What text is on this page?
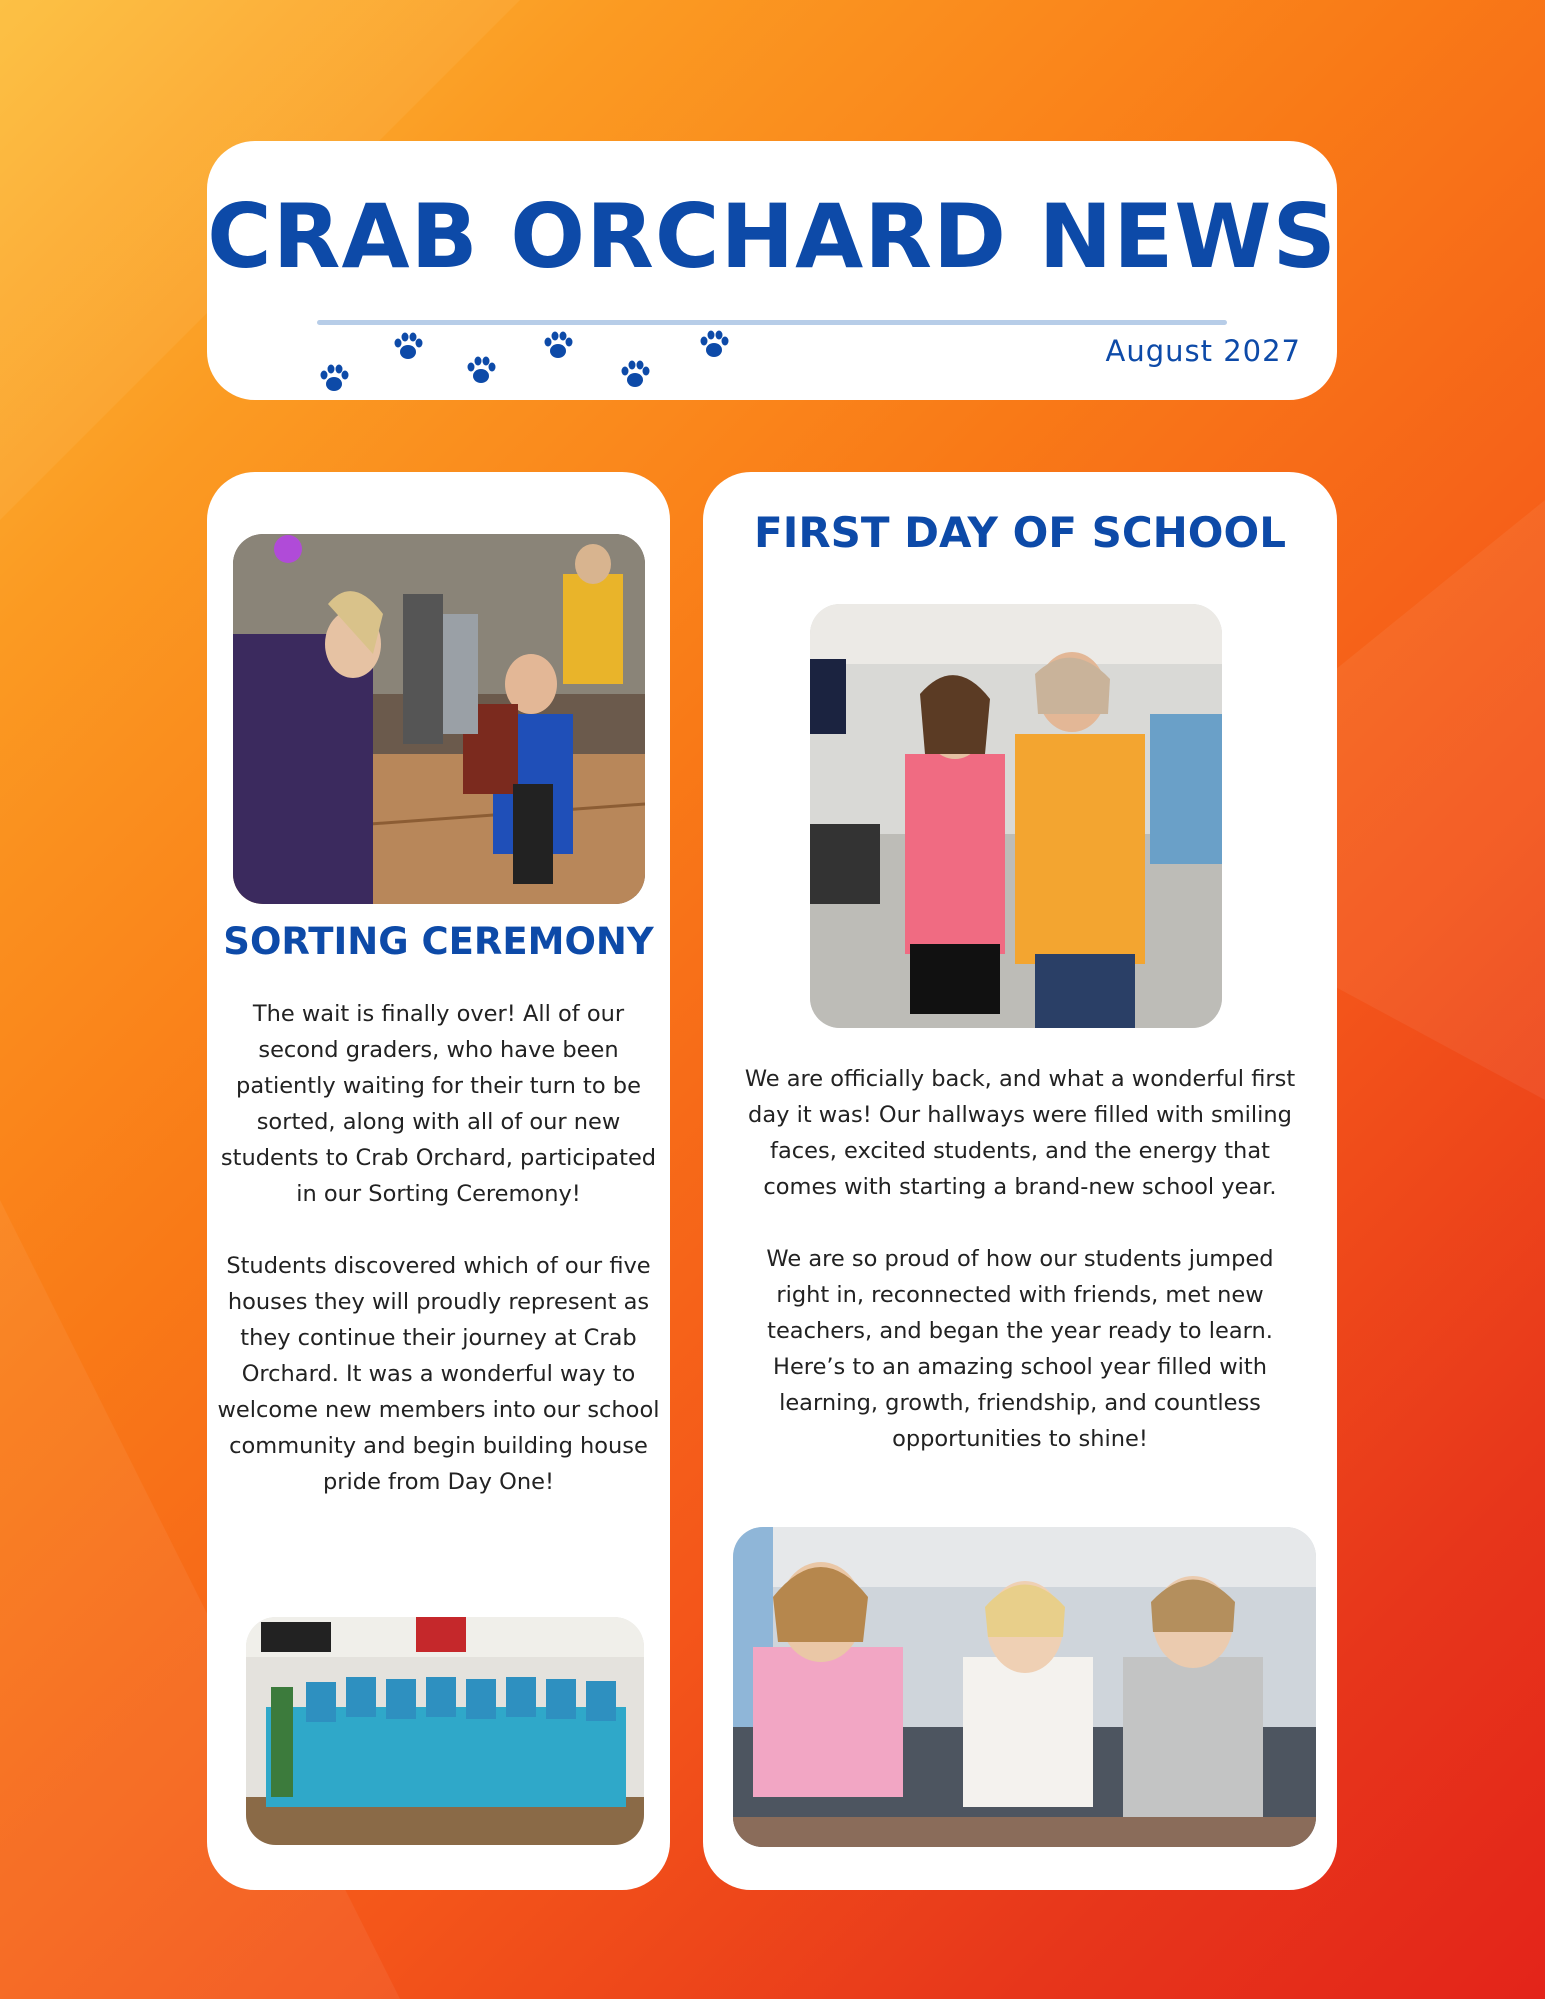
CRAB ORCHARD NEWS
August 2027
SORTING CEREMONY

The wait is finally over! All of our second graders, who have been patiently waiting for their turn to be sorted, along with all of our new students to Crab Orchard, participated in our Sorting Ceremony!

Students discovered which of our five houses they will proudly represent as they continue their journey at Crab Orchard. It was a wonderful way to welcome new members into our school community and begin building house pride from Day One!

FIRST DAY OF SCHOOL

We are officially back, and what a wonderful first day it was! Our hallways were filled with smiling faces, excited students, and the energy that comes with starting a brand-new school year.

We are so proud of how our students jumped right in, reconnected with friends, met new teachers, and began the year ready to learn. Here’s to an amazing school year filled with learning, growth, friendship, and countless opportunities to shine!
